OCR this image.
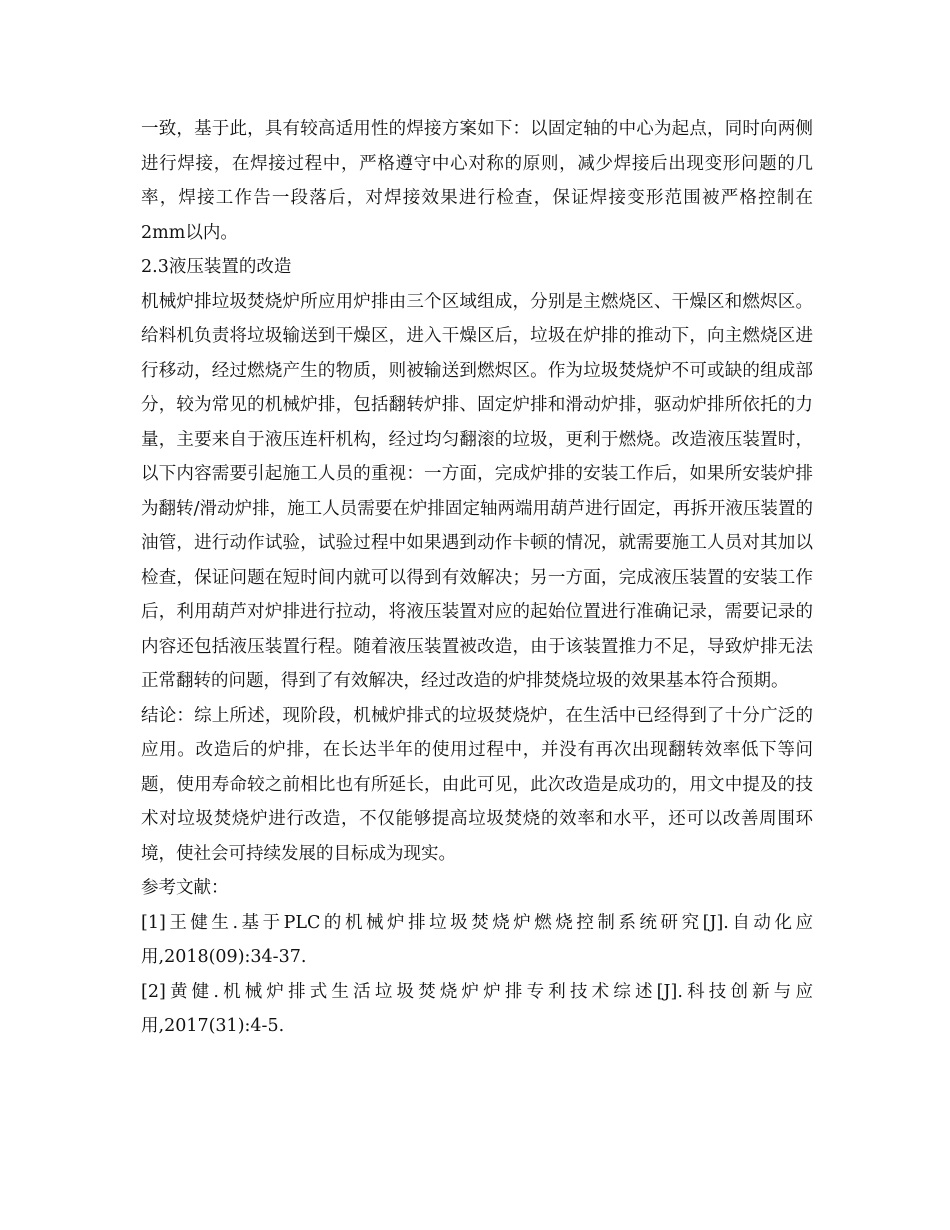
一致，基于此，具有较高适用性的焊接方案如下：以固定轴的中心为起点，同时向两侧进行焊接，在焊接过程中，严格遵守中心对称的原则，减少焊接后出现变形问题的几率，焊接工作告一段落后，对焊接效果进行检查，保证焊接变形范围被严格控制在2mm以内。

2.3液压装置的改造

机械炉排垃圾焚烧炉所应用炉排由三个区域组成，分别是主燃烧区、干燥区和燃烬区。给料机负责将垃圾输送到干燥区，进入干燥区后，垃圾在炉排的推动下，向主燃烧区进行移动，经过燃烧产生的物质，则被输送到燃烬区。作为垃圾焚烧炉不可或缺的组成部分，较为常见的机械炉排，包括翻转炉排、固定炉排和滑动炉排，驱动炉排所依托的力量，主要来自于液压连杆机构，经过均匀翻滚的垃圾，更利于燃烧。改造液压装置时，以下内容需要引起施工人员的重视：一方面，完成炉排的安装工作后，如果所安装炉排为翻转/滑动炉排，施工人员需要在炉排固定轴两端用葫芦进行固定，再拆开液压装置的油管，进行动作试验，试验过程中如果遇到动作卡顿的情况，就需要施工人员对其加以检查，保证问题在短时间内就可以得到有效解决；另一方面，完成液压装置的安装工作后，利用葫芦对炉排进行拉动，将液压装置对应的起始位置进行准确记录，需要记录的内容还包括液压装置行程。随着液压装置被改造，由于该装置推力不足，导致炉排无法正常翻转的问题，得到了有效解决，经过改造的炉排焚烧垃圾的效果基本符合预期。

结论：综上所述，现阶段，机械炉排式的垃圾焚烧炉，在生活中已经得到了十分广泛的应用。改造后的炉排，在长达半年的使用过程中，并没有再次出现翻转效率低下等问题，使用寿命较之前相比也有所延长，由此可见，此次改造是成功的，用文中提及的技术对垃圾焚烧炉进行改造，不仅能够提高垃圾焚烧的效率和水平，还可以改善周围环境，使社会可持续发展的目标成为现实。

参考文献：

[1]王健生.基于PLC的机械炉排垃圾焚烧炉燃烧控制系统研究[J].自动化应用,2018(09):34-37.

[2]黄健.机械炉排式生活垃圾焚烧炉炉排专利技术综述[J].科技创新与应用,2017(31):4-5.
